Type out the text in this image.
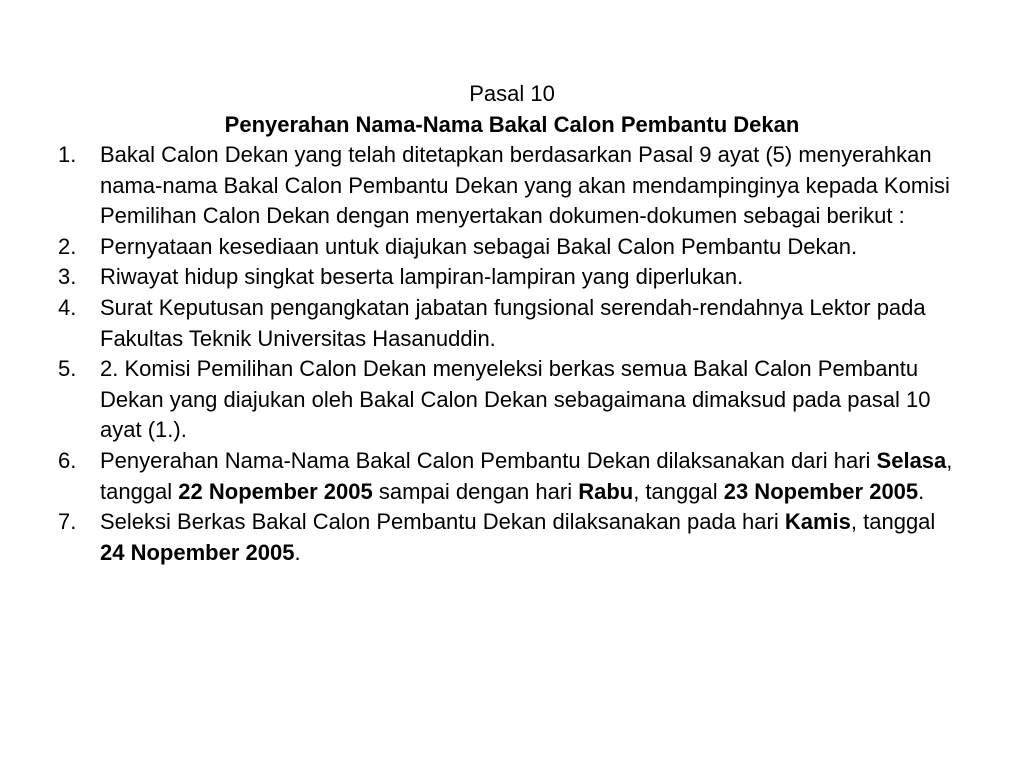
Pasal 10
Penyerahan Nama-Nama Bakal Calon Pembantu Dekan
1.	Bakal Calon Dekan yang telah ditetapkan berdasarkan Pasal 9 ayat (5) menyerahkan nama-nama Bakal Calon Pembantu Dekan yang akan mendampinginya kepada Komisi Pemilihan Calon Dekan dengan menyertakan dokumen-dokumen sebagai berikut :
2.	Pernyataan kesediaan untuk diajukan sebagai Bakal Calon Pembantu Dekan.
3.	Riwayat hidup singkat beserta lampiran-lampiran yang diperlukan.
4.	Surat Keputusan pengangkatan jabatan fungsional serendah-rendahnya Lektor pada Fakultas Teknik Universitas Hasanuddin.
5.	2. Komisi Pemilihan Calon Dekan menyeleksi berkas semua Bakal Calon Pembantu Dekan yang diajukan oleh Bakal Calon Dekan sebagaimana dimaksud pada pasal 10 ayat (1.).
6.	Penyerahan Nama-Nama Bakal Calon Pembantu Dekan dilaksanakan dari hari Selasa, tanggal 22 Nopember 2005 sampai dengan hari Rabu, tanggal 23 Nopember 2005.
7.	Seleksi Berkas Bakal Calon Pembantu Dekan dilaksanakan pada hari Kamis, tanggal 24 Nopember 2005.
